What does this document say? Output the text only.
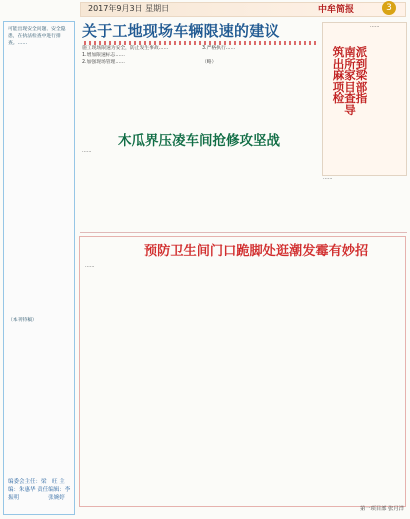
2017年9月3日 星期日	中牟简报	3
可能出现安全问题、安全隐患，在执法检查中进行排查。……

（本刊特稿）
编委会主任：梁　旺 主　编：朱惠华 责任编辑：李振明 　　　　　张婉婷
关于工地现场车辆限速的建议
施工现场限速为安全，防止发生事故……
1.增加限速标志……
2.加强现场管理……
3.严格执行……

（略）
筑南派出所到麻家梁项目部检查指导
……

……

木瓜界压凌车间抢修攻坚战
……

预防卫生间门口跪脚处逛潮发霉有妙招
……

第一项目部 张月洋
